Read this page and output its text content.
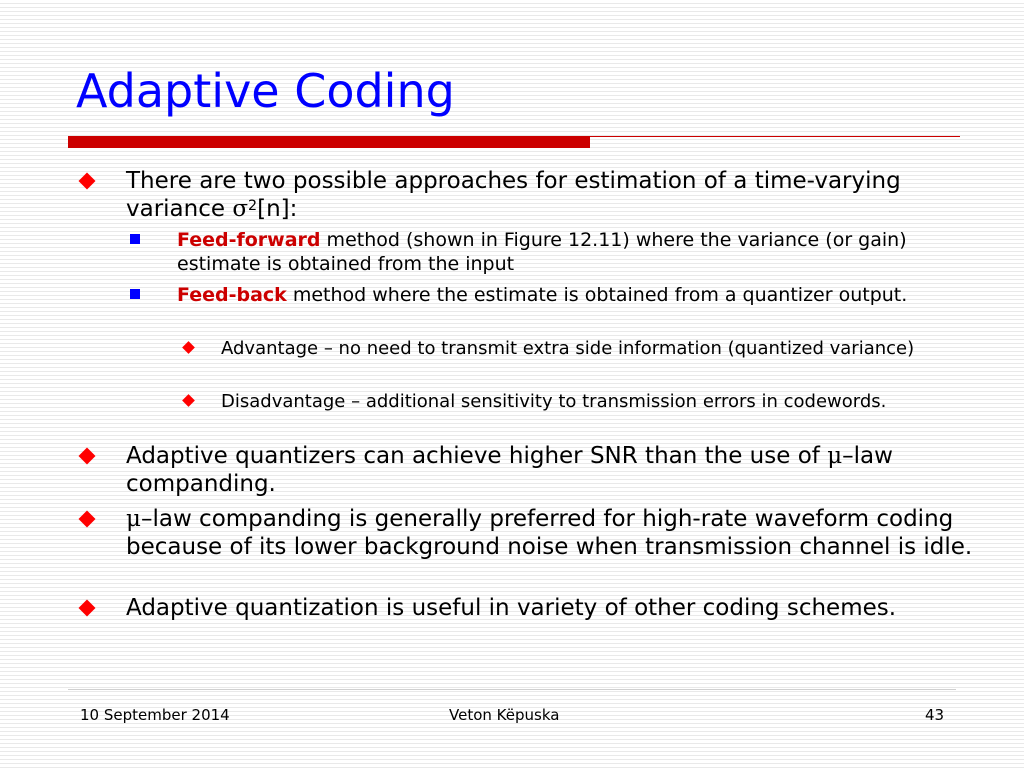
Adaptive Coding
There are two possible approaches for estimation of a time-varying variance $\sigma^2[n]$:
Feed-forward method (shown in Figure 12.11) where the variance (or gain) estimate is obtained from the input
Feed-back method where the estimate is obtained from a quantizer output.
Advantage – no need to transmit extra side information (quantized variance)
Disadvantage – additional sensitivity to transmission errors in codewords.
Adaptive quantizers can achieve higher SNR than the use of μ–law companding.
μ–law companding is generally preferred for high-rate waveform coding because of its lower background noise when transmission channel is idle.
Adaptive quantization is useful in variety of other coding schemes.
10 September 2014	Veton Këpuska	43
